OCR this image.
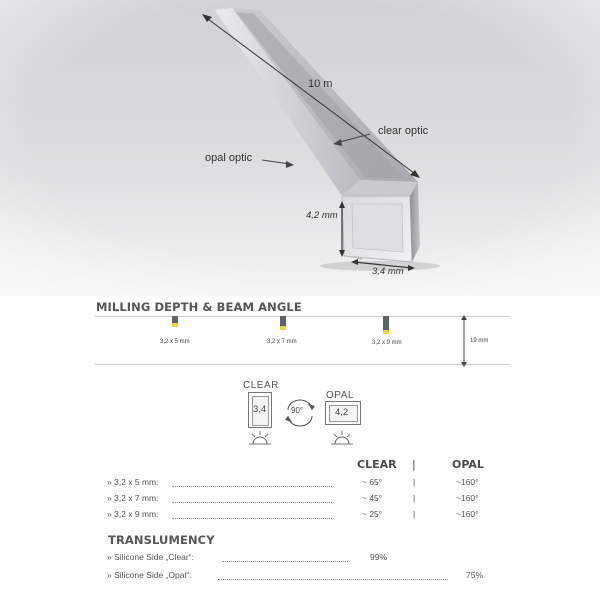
10 m
clear optic
opal optic
4,2 mm
3,4 mm
MILLING DEPTH & BEAM ANGLE
3,2 x 5 mm	3,2 x 7 mm	3,2 x 9 mm	19 mm
CLEAR
3,4	90°
OPAL
4,2
CLEAR |	OPAL
» 3,2 x 5 mm:	~ 65°	|	~160°
» 3,2 x 7 mm:	~ 45°	|	~160°
» 3,2 x 9 mm:	~ 25°	|	~160°
TRANSLUMENCY
» Silicone Side „Clear“:	99%
» Silicone Side „Opal“:	75%
